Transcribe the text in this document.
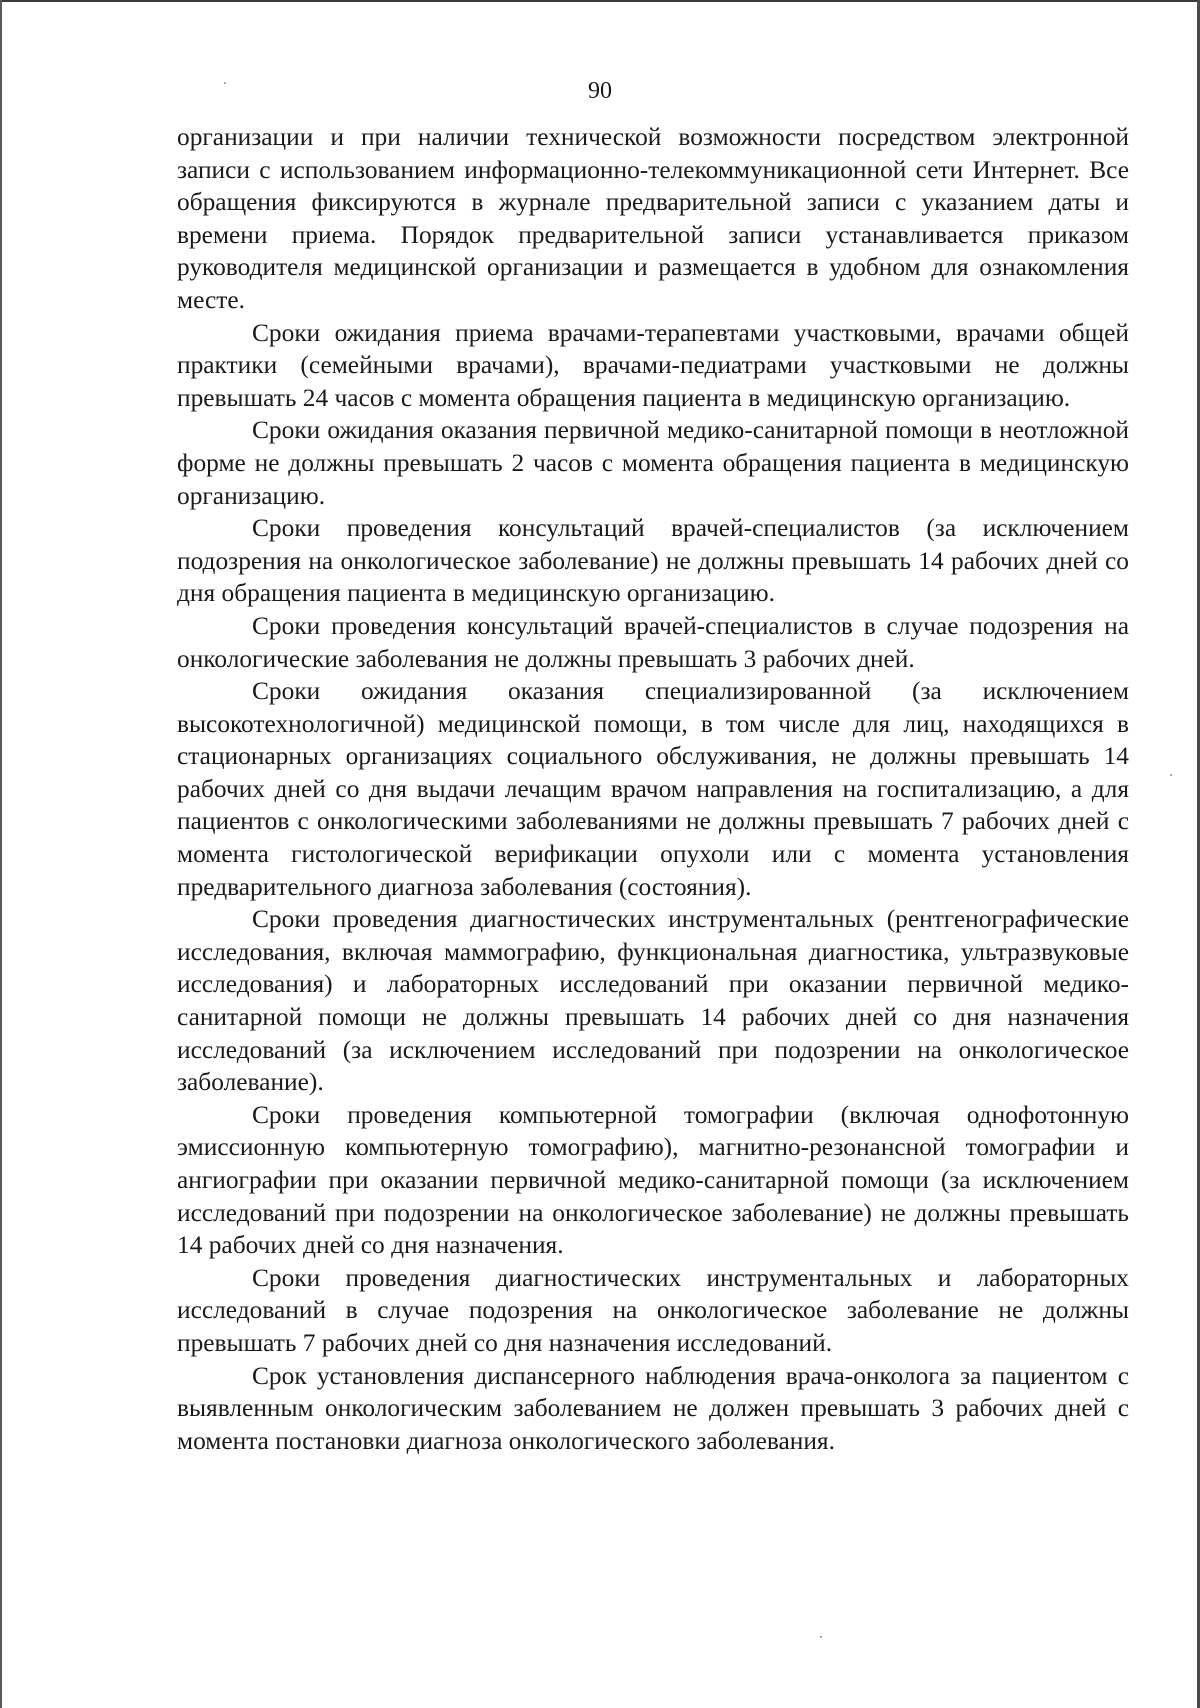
90

организации и при наличии технической возможности посредством электронной записи с использованием информационно-телекоммуникационной сети Интернет. Все обращения фиксируются в журнале предварительной записи с указанием даты и времени приема. Порядок предварительной записи устанавливается приказом руководителя медицинской организации и размещается в удобном для ознакомления месте.

Сроки ожидания приема врачами-терапевтами участковыми, врачами общей практики (семейными врачами), врачами-педиатрами участковыми не должны превышать 24 часов с момента обращения пациента в медицинскую организацию.

Сроки ожидания оказания первичной медико-санитарной помощи в неотложной форме не должны превышать 2 часов с момента обращения пациента в медицинскую организацию.

Сроки проведения консультаций врачей-специалистов (за исключением подозрения на онкологическое заболевание) не должны превышать 14 рабочих дней со дня обращения пациента в медицинскую организацию.

Сроки проведения консультаций врачей-специалистов в случае подозрения на онкологические заболевания не должны превышать 3 рабочих дней.

Сроки ожидания оказания специализированной (за исключением высокотехнологичной) медицинской помощи, в том числе для лиц, находящихся в стационарных организациях социального обслуживания, не должны превышать 14 рабочих дней со дня выдачи лечащим врачом направления на госпитализацию, а для пациентов с онкологическими заболеваниями не должны превышать 7 рабочих дней с момента гистологической верификации опухоли или с момента установления предварительного диагноза заболевания (состояния).

Сроки проведения диагностических инструментальных (рентгенографические исследования, включая маммографию, функциональная диагностика, ультразвуковые исследования) и лабораторных исследований при оказании первичной медико-санитарной помощи не должны превышать 14 рабочих дней со дня назначения исследований (за исключением исследований при подозрении на онкологическое заболевание).

Сроки проведения компьютерной томографии (включая однофотонную эмиссионную компьютерную томографию), магнитно-резонансной томографии и ангиографии при оказании первичной медико-санитарной помощи (за исключением исследований при подозрении на онкологическое заболевание) не должны превышать 14 рабочих дней со дня назначения.

Сроки проведения диагностических инструментальных и лабораторных исследований в случае подозрения на онкологическое заболевание не должны превышать 7 рабочих дней со дня назначения исследований.

Срок установления диспансерного наблюдения врача-онколога за пациентом с выявленным онкологическим заболеванием не должен превышать 3 рабочих дней с момента постановки диагноза онкологического заболевания.
